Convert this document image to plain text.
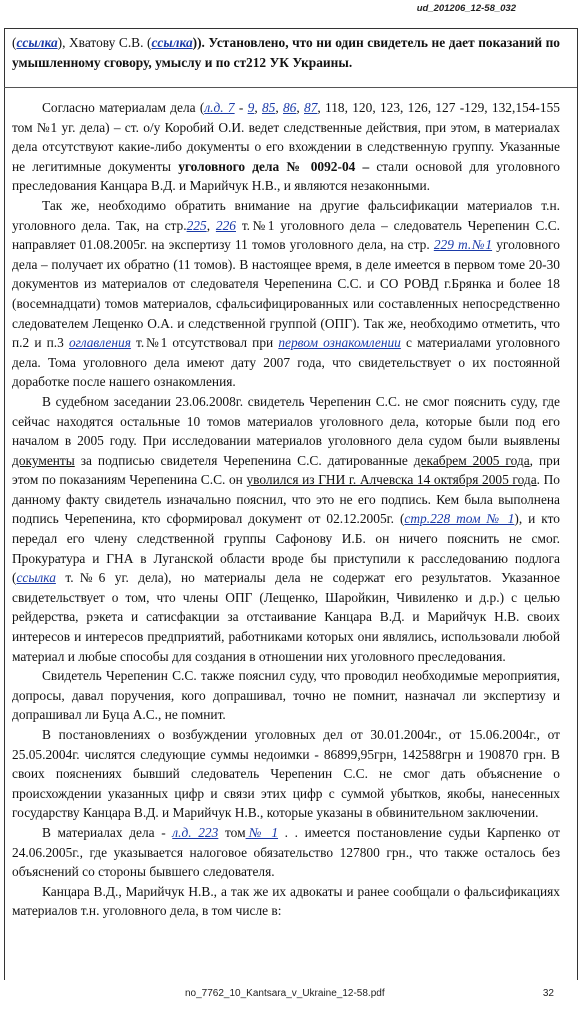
ud_201206_12-58_032

(ссылка), Хватову С.В. (ссылка)). Установлено, что ни один свидетель не дает показаний по умышленному сговору, умыслу и по ст212 УК Украины.

Согласно материалам дела (л.д. 7 - 9, 85, 86, 87, 118, 120, 123, 126, 127 -129, 132,154-155 том №1 уг. дела) – ст. о/у Коробий О.И. ведет следственные действия, при этом, в материалах дела отсутствуют какие-либо документы о его вхождении в следственную группу. Указанные не легитимные документы уголовного дела № 0092-04 – стали основой для уголовного преследования Канцара В.Д. и Марийчук Н.В., и являются незаконными.

Так же, необходимо обратить внимание на другие фальсификации материалов т.н. уголовного дела. Так, на стр.225, 226 т.№1 уголовного дела – следователь Черепенин С.С. направляет 01.08.2005г. на экспертизу 11 томов уголовного дела, на стр. 229 т.№1 уголовного дела – получает их обратно (11 томов). В настоящее время, в деле имеется в первом томе 20-30 документов из материалов от следователя Черепенина С.С. и СО РОВД г.Брянка и более 18 (восемнадцати) томов материалов, сфальсифицированных или составленных непосредственно следователем Лещенко О.А. и следственной группой (ОПГ). Так же, необходимо отметить, что п.2 и п.3 оглавления т.№1 отсутствовал при первом ознакомлении с материалами уголовного дела. Тома уголовного дела имеют дату 2007 года, что свидетельствует о их постоянной доработке после нашего ознакомления.

В судебном заседании 23.06.2008г. свидетель Черепенин С.С. не смог пояснить суду, где сейчас находятся остальные 10 томов материалов уголовного дела, которые были под его началом в 2005 году. При исследовании материалов уголовного дела судом были выявлены документы за подписью свидетеля Черепенина С.С. датированные декабрем 2005 года, при этом по показаниям Черепенина С.С. он уволился из ГНИ г. Алчевска 14 октября 2005 года. По данному факту свидетель изначально пояснил, что это не его подпись. Кем была выполнена подпись Черепенина, кто сформировал документ от 02.12.2005г. (стр.228 том № 1), и кто передал его члену следственной группы Сафонову И.Б. он ничего пояснить не смог. Прокуратура и ГНА в Луганской области вроде бы приступили к расследованию подлога (ссылка т.№6 уг. дела), но материалы дела не содержат его результатов. Указанное свидетельствует о том, что члены ОПГ (Лещенко, Шаройкин, Чивиленко и д.р.) с целью рейдерства, рэкета и сатисфакции за отстаивание Канцара В.Д. и Марийчук Н.В. своих интересов и интересов предприятий, работниками которых они являлись, использовали любой материал и любые способы для создания в отношении них уголовного преследования.

Свидетель Черепенин С.С. также пояснил суду, что проводил необходимые мероприятия, допросы, давал поручения, кого допрашивал, точно не помнит, назначал ли экспертизу и допрашивал ли Буца А.С., не помнит.

В постановлениях о возбуждении уголовных дел от 30.01.2004г., от 15.06.2004г., от 25.05.2004г. числятся следующие суммы недоимки - 86899,95грн, 142588грн и 190870 грн. В своих пояснениях бывший следователь Черепенин С.С. не смог дать объяснение о происхождении указанных цифр и связи этих цифр с суммой убытков, якобы, нанесенных государству Канцара В.Д. и Марийчук Н.В., которые указаны в обвинительном заключении.

В материалах дела - л.д. 223 том№ 1 . . имеется постановление судьи Карпенко от 24.06.2005г., где указывается налоговое обязательство 127800 грн., что также осталось без объяснений со стороны бывшего следователя.

Канцара В.Д., Марийчук Н.В., а так же их адвокаты и ранее сообщали о фальсификациях материалов т.н. уголовного дела, в том числе в:

no_7762_10_Kantsara_v_Ukraine_12-58.pdf	32
